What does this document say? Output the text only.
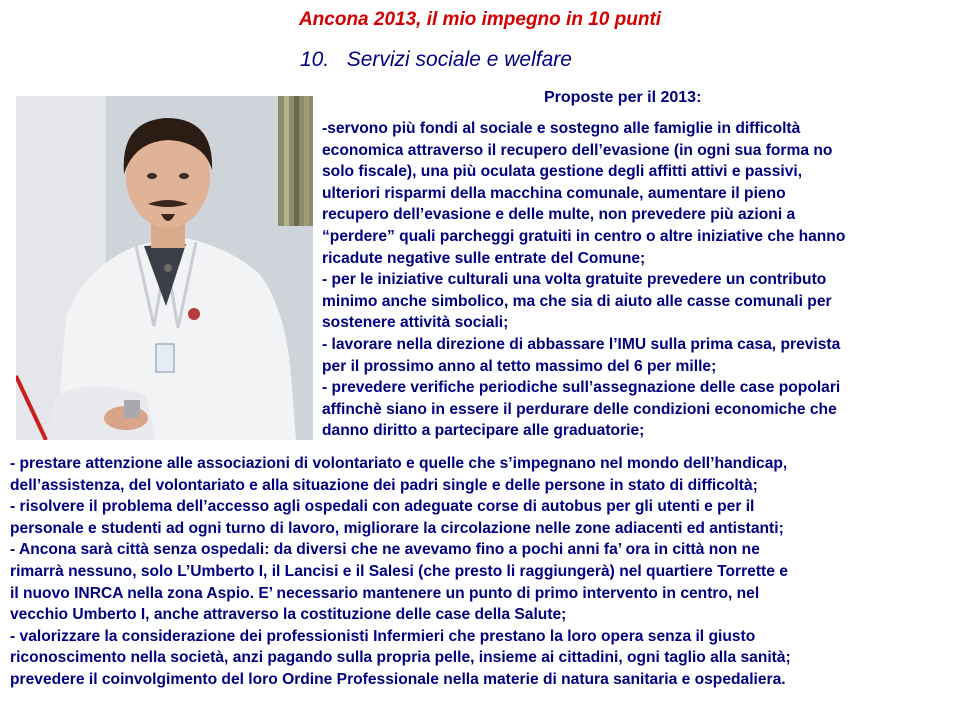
Ancona 2013, il mio impegno in 10 punti
10.   Servizi sociale e welfare
Proposte per il 2013:
-servono più fondi al sociale e sostegno alle famiglie in difficoltà
economica attraverso il recupero dell’evasione (in ogni sua forma no
solo fiscale), una più oculata gestione degli affitti attivi e passivi,
ulteriori risparmi della macchina comunale, aumentare il pieno
recupero dell’evasione e delle multe, non prevedere più azioni a
“perdere” quali parcheggi gratuiti in centro o altre iniziative che hanno
ricadute negative sulle entrate del Comune;
- per le iniziative culturali una volta gratuite prevedere un contributo
minimo anche simbolico, ma che sia di aiuto alle casse comunali per
sostenere attività sociali;
- lavorare nella direzione di abbassare l’IMU sulla prima casa, prevista
per il prossimo anno al tetto massimo del 6 per mille;
- prevedere verifiche periodiche sull’assegnazione delle case popolari
affinchè siano in essere il perdurare delle condizioni economiche che
danno diritto a partecipare alle graduatorie;
- prestare attenzione alle associazioni di volontariato e quelle che s’impegnano nel mondo dell’handicap,
dell’assistenza, del volontariato e alla situazione dei padri single e delle persone in stato di difficoltà;
- risolvere il problema dell’accesso agli ospedali con adeguate corse di autobus per gli utenti e per il
personale e studenti ad ogni turno di lavoro, migliorare la circolazione nelle zone adiacenti ed antistanti;
- Ancona sarà città senza ospedali: da diversi che ne avevamo fino a pochi anni fa’ ora in città non ne
rimarrà nessuno, solo L’Umberto I, il Lancisi e il Salesi (che presto li raggiungerà) nel quartiere Torrette e
il nuovo INRCA nella zona Aspio. E’ necessario mantenere un punto di primo intervento in centro, nel
vecchio Umberto I, anche attraverso la costituzione delle case della Salute;
- valorizzare la considerazione dei professionisti Infermieri che prestano la loro opera senza il giusto
riconoscimento nella società, anzi pagando sulla propria pelle, insieme ai cittadini, ogni taglio alla sanità;
prevedere il coinvolgimento del loro Ordine Professionale nella materie di natura sanitaria e ospedaliera.
